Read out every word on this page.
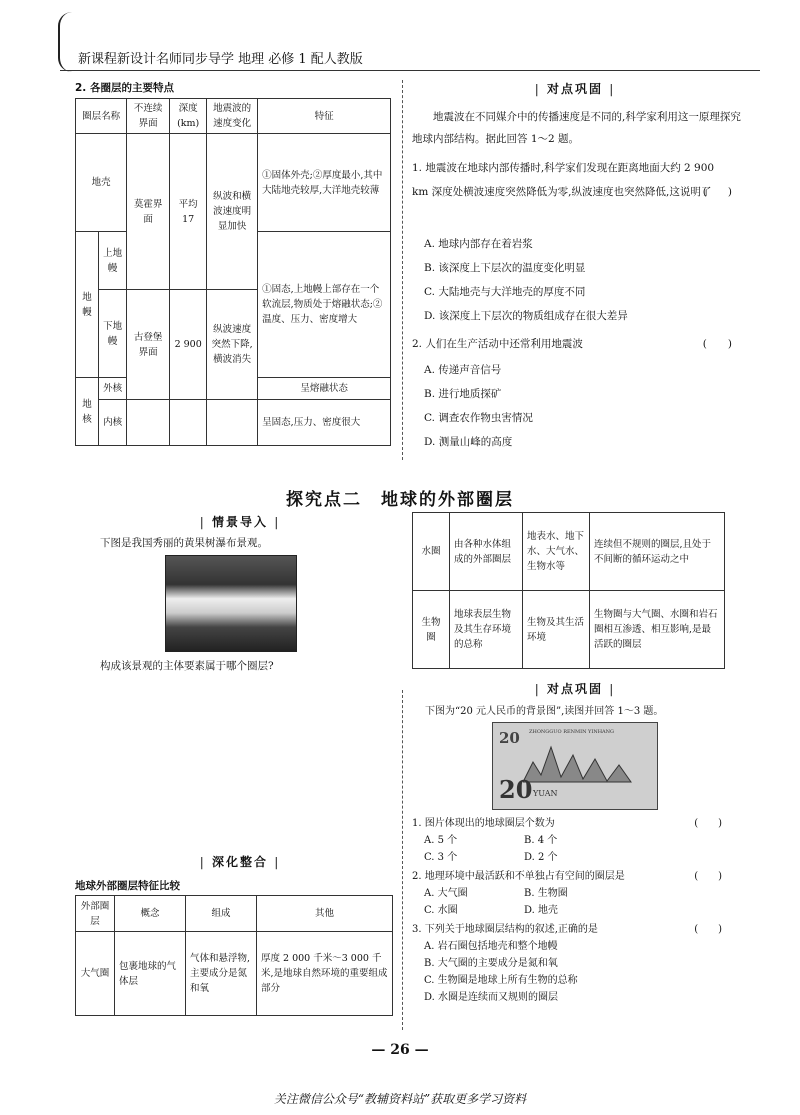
新课程新设计名师同步导学 地理 必修 1 配人教版
2. 各圈层的主要特点
圈层名称		不连续界面	深度(km)	地震波的速度变化	特征
地壳		莫霍界面	平均 17	纵波和横波速度明显加快	①固体外壳;②厚度最小,其中大陆地壳较厚,大洋地壳较薄
地幔	上地幔				①固态,上地幔上部存在一个软流层,物质处于熔融状态;②温度、压力、密度增大
	下地幔	古登堡界面	2 900	纵波速度突然下降,横波消失	
地核	外核				呈熔融状态
	内核				呈固态,压力、密度很大
| 对点巩固 |
地震波在不同媒介中的传播速度是不同的,科学家利用这一原理探究地球内部结构。据此回答 1～2 题。
1. 地震波在地球内部传播时,科学家们发现在距离地面大约 2 900 km 深度处横波速度突然降低为零,纵波速度也突然降低,这说明了
(　　)
A. 地球内部存在着岩浆
B. 该深度上下层次的温度变化明显
C. 大陆地壳与大洋地壳的厚度不同
D. 该深度上下层次的物质组成存在很大差异
2. 人们在生产活动中还常利用地震波	(　　)
A. 传递声音信号
B. 进行地质探矿
C. 调查农作物虫害情况
D. 测量山峰的高度
探究点二　地球的外部圈层
| 情景导入 |
下图是我国秀丽的黄果树瀑布景观。
构成该景观的主体要素属于哪个圈层?
| 深化整合 |
地球外部圈层特征比较
外部圈层	概念	组成	其他
大气圈	包裹地球的气体层	气体和悬浮物,主要成分是氮和氧	厚度 2 000 千米～3 000 千米,是地球自然环境的重要组成部分
水圈	由各种水体组成的外部圈层	地表水、地下水、大气水、生物水等	连续但不规则的圈层,且处于不间断的循环运动之中
生物圈	地球表层生物及其生存环境的总称	生物及其生活环境	生物圈与大气圈、水圈和岩石圈相互渗透、相互影响,是最活跃的圈层
| 对点巩固 |
下图为“20 元人民币的背景图”,读图并回答 1～3 题。
20 ZHONGGUO RENMIN YINHANG
20 YUAN
1. 图片体现出的地球圈层个数为	(　　)
A. 5 个	B. 4 个
C. 3 个	D. 2 个
2. 地理环境中最活跃和不单独占有空间的圈层是	(　　)
A. 大气圈	B. 生物圈
C. 水圈	D. 地壳
3. 下列关于地球圈层结构的叙述,正确的是	(　　)
A. 岩石圈包括地壳和整个地幔
B. 大气圈的主要成分是氮和氧
C. 生物圈是地球上所有生物的总称
D. 水圈是连续而又规则的圈层
— 26 —
关注微信公众号“教辅资料站”获取更多学习资料
